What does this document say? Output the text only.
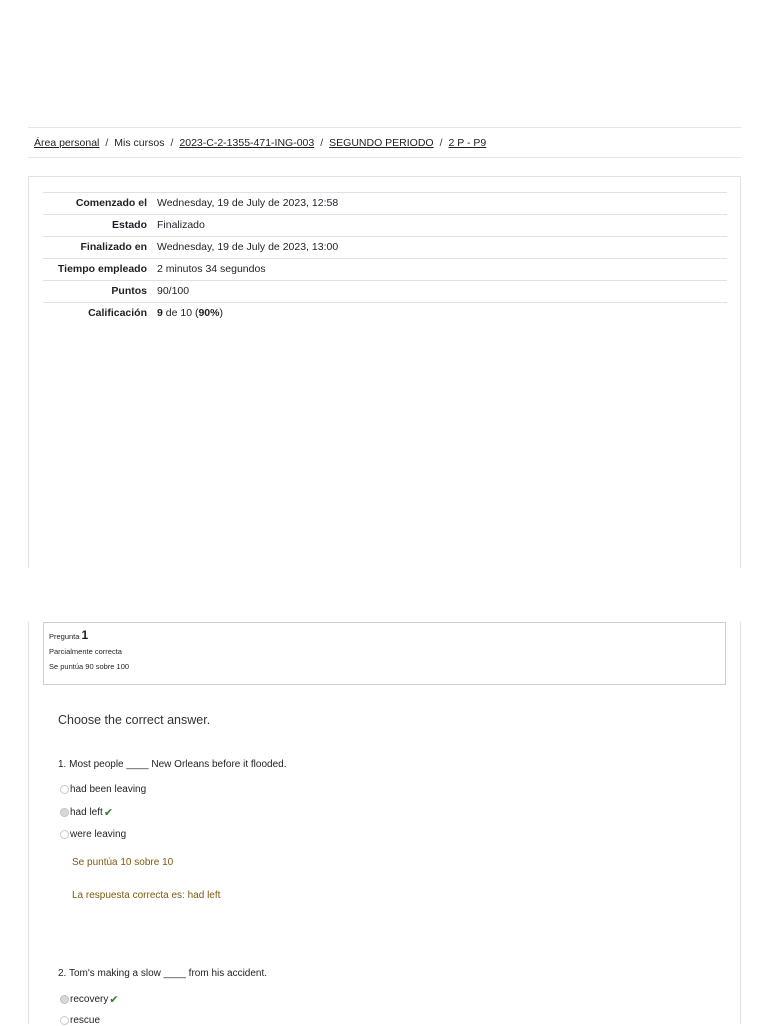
Área personal / Mis cursos / 2023-C-2-1355-471-ING-003 / SEGUNDO PERIODO / 2 P - P9
Comenzado el	Wednesday, 19 de July de 2023, 12:58
Estado	Finalizado
Finalizado en	Wednesday, 19 de July de 2023, 13:00
Tiempo empleado	2 minutos 34 segundos
Puntos	90/100
Calificación	9 de 10 (90%)
Pregunta 1
Parcialmente correcta
Se puntúa 90 sobre 100
Choose the correct answer.
1. Most people ____ New Orleans before it flooded.
had been leaving
had left ✔
were leaving
Se puntúa 10 sobre 10
La respuesta correcta es: had left
2. Tom's making a slow ____ from his accident.
recovery ✔
rescue
